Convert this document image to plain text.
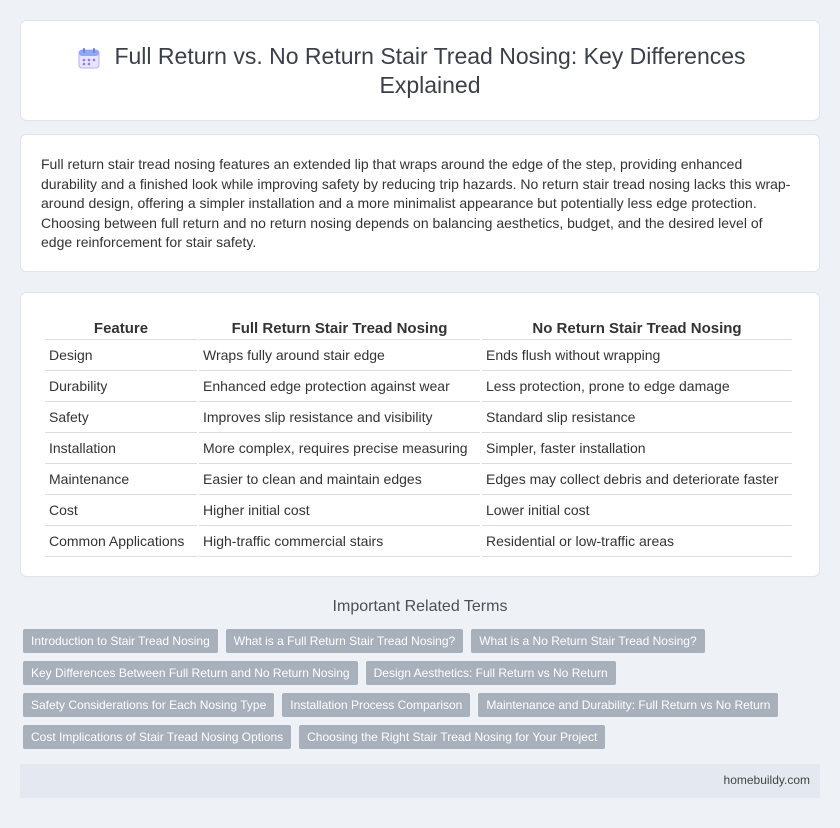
Full Return vs. No Return Stair Tread Nosing: Key Differences Explained

Full return stair tread nosing features an extended lip that wraps around the edge of the step, providing enhanced durability and a finished look while improving safety by reducing trip hazards. No return stair tread nosing lacks this wrap-around design, offering a simpler installation and a more minimalist appearance but potentially less edge protection. Choosing between full return and no return nosing depends on balancing aesthetics, budget, and the desired level of edge reinforcement for stair safety.

Feature	Full Return Stair Tread Nosing	No Return Stair Tread Nosing
Design	Wraps fully around stair edge	Ends flush without wrapping
Durability	Enhanced edge protection against wear	Less protection, prone to edge damage
Safety	Improves slip resistance and visibility	Standard slip resistance
Installation	More complex, requires precise measuring	Simpler, faster installation
Maintenance	Easier to clean and maintain edges	Edges may collect debris and deteriorate faster
Cost	Higher initial cost	Lower initial cost
Common Applications	High-traffic commercial stairs	Residential or low-traffic areas
Important Related Terms
Introduction to Stair Tread Nosing What is a Full Return Stair Tread Nosing? What is a No Return Stair Tread Nosing?
Key Differences Between Full Return and No Return Nosing Design Aesthetics: Full Return vs No Return
Safety Considerations for Each Nosing Type Installation Process Comparison Maintenance and Durability: Full Return vs No Return
Cost Implications of Stair Tread Nosing Options Choosing the Right Stair Tread Nosing for Your Project
homebuildy.com
